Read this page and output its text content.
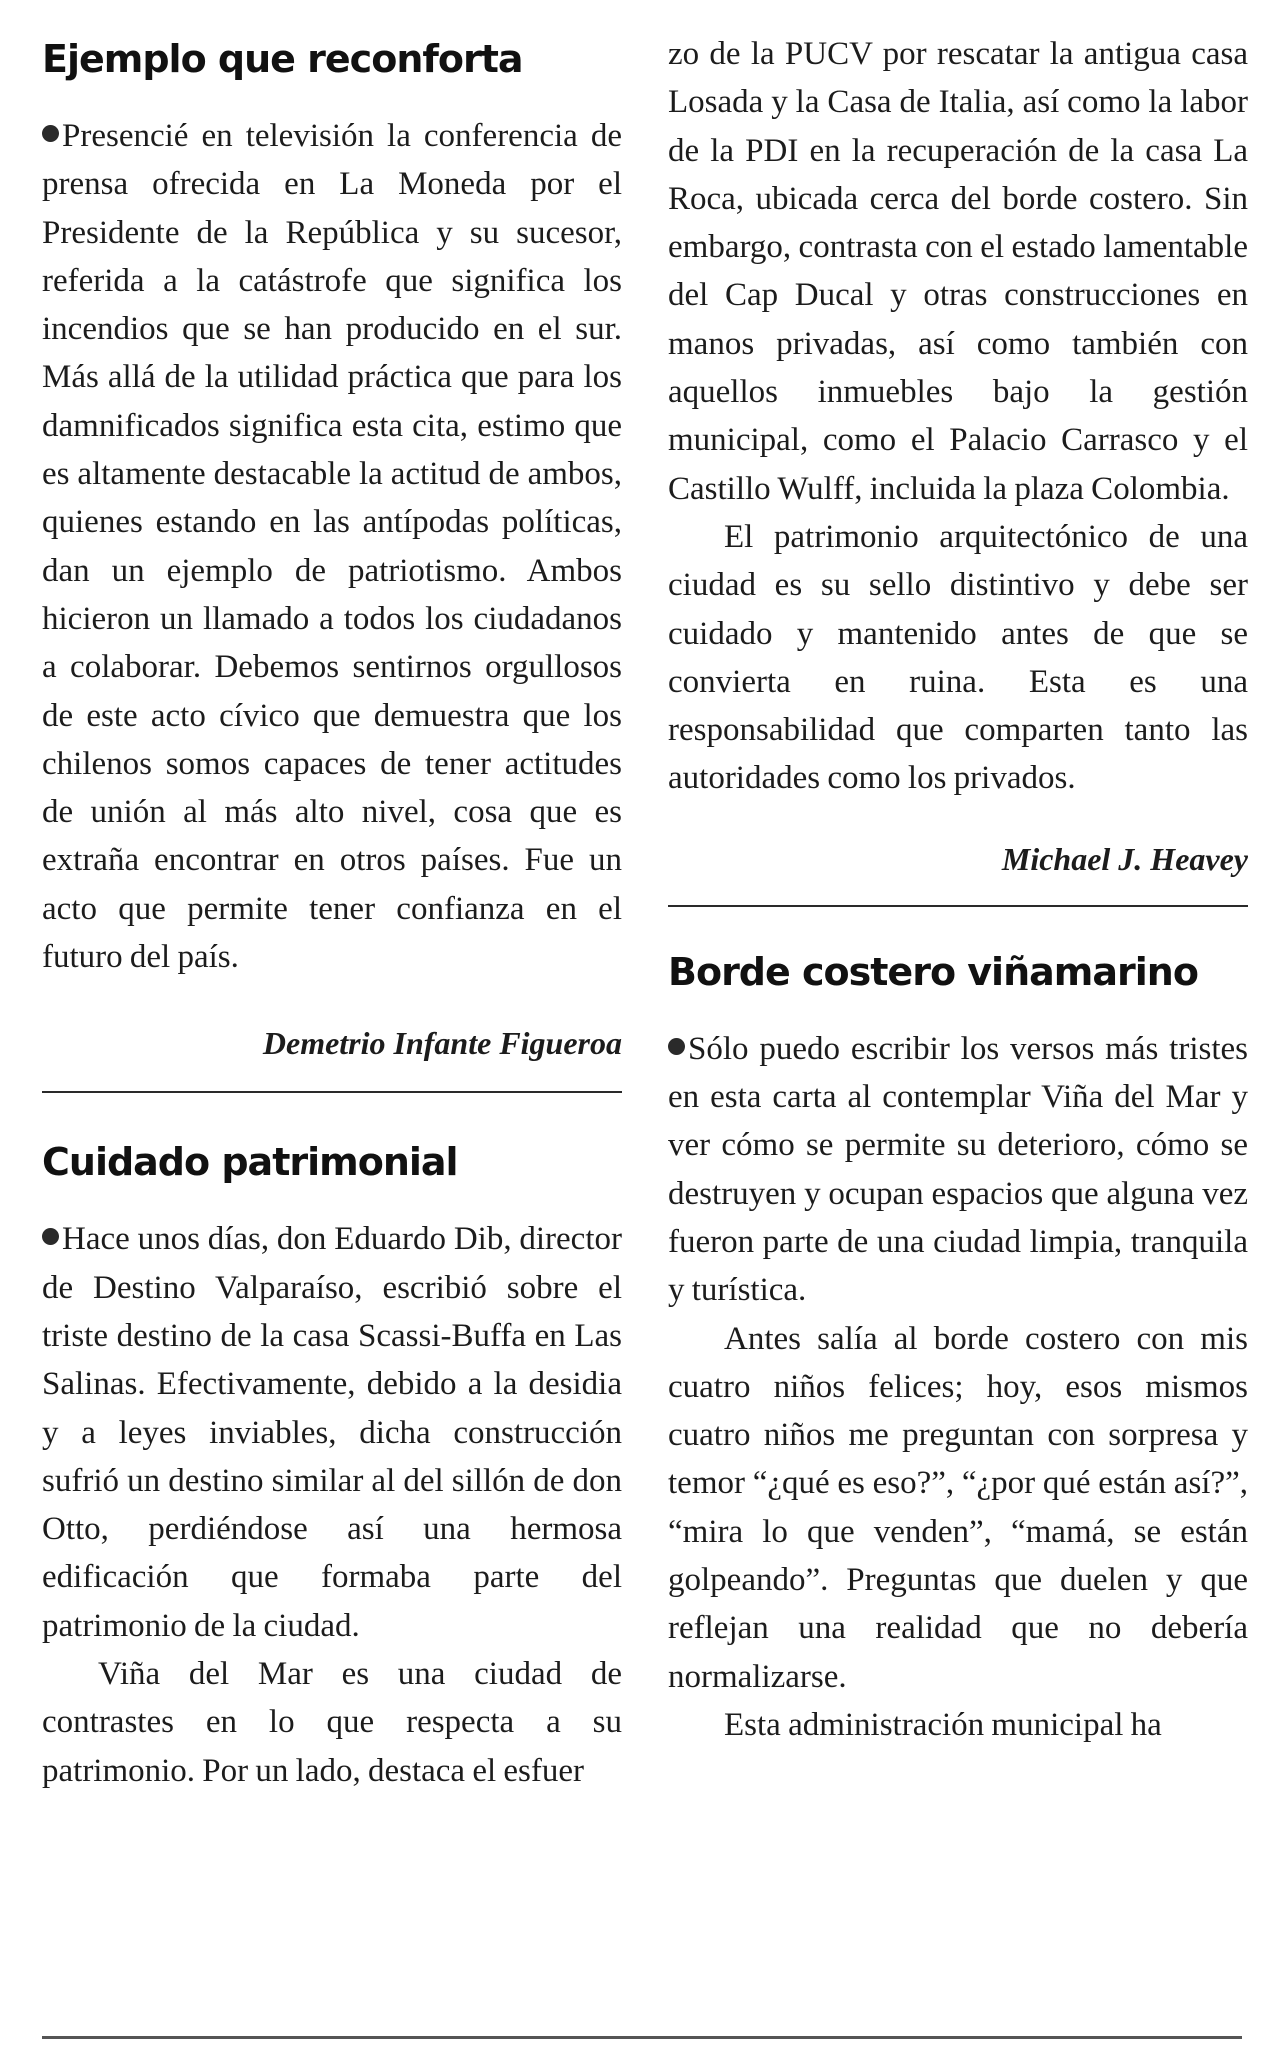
Ejemplo que reconforta

Presencié en televisión la conferencia de prensa ofrecida en La Moneda por el Presidente de la República y su sucesor, referida a la catástrofe que significa los incendios que se han producido en el sur. Más allá de la utilidad práctica que para los damnificados significa esta cita, estimo que es altamente destacable la actitud de ambos, quienes estando en las antípodas políticas, dan un ejemplo de patriotismo. Ambos hicieron un llamado a todos los ciudadanos a colaborar. Debemos sentirnos orgullosos de este acto cívico que demuestra que los chilenos somos capaces de tener actitudes de unión al más alto nivel, cosa que es extraña encontrar en otros países. Fue un acto que permite tener confianza en el futuro del país.

Demetrio Infante Figueroa

Cuidado patrimonial

Hace unos días, don Eduardo Dib, director de Destino Valparaíso, escribió sobre el triste destino de la casa Scassi-Buffa en Las Salinas. Efectivamente, debido a la desidia y a leyes inviables, dicha construcción sufrió un destino similar al del sillón de don Otto, perdiéndose así una hermosa edificación que formaba parte del patrimonio de la ciudad.

Viña del Mar es una ciudad de contrastes en lo que respecta a su patrimonio. Por un lado, destaca el esfuer

zo de la PUCV por rescatar la antigua casa Losada y la Casa de Italia, así como la labor de la PDI en la recuperación de la casa La Roca, ubicada cerca del borde costero. Sin embargo, contrasta con el estado lamentable del Cap Ducal y otras construcciones en manos privadas, así como también con aquellos inmuebles bajo la gestión municipal, como el Palacio Carrasco y el Castillo Wulff, incluida la plaza Colombia.

El patrimonio arquitectónico de una ciudad es su sello distintivo y debe ser cuidado y mantenido antes de que se convierta en ruina. Esta es una responsabilidad que comparten tanto las autoridades como los privados.

Michael J. Heavey

Borde costero viñamarino

Sólo puedo escribir los versos más tristes en esta carta al contemplar Viña del Mar y ver cómo se permite su deterioro, cómo se destruyen y ocupan espacios que alguna vez fueron parte de una ciudad limpia, tranquila y turística.

Antes salía al borde costero con mis cuatro niños felices; hoy, esos mismos cuatro niños me preguntan con sorpresa y temor “¿qué es eso?”, “¿por qué están así?”, “mira lo que venden”, “mamá, se están golpeando”. Preguntas que duelen y que reflejan una realidad que no debería normalizarse.

Esta administración municipal ha
